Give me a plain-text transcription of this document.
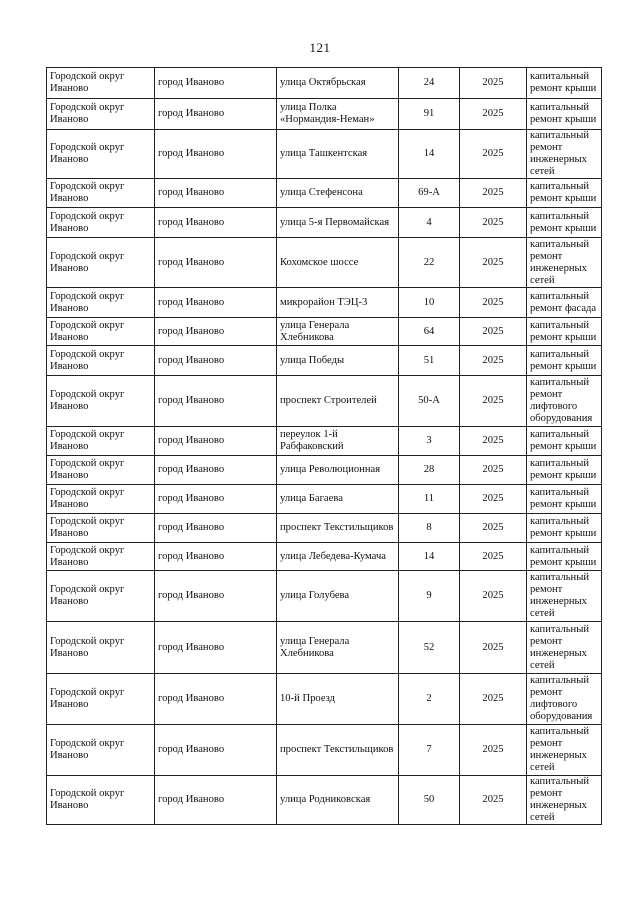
121
Городской округ Иваново	город Иваново	улица Октябрьская	24	2025	капитальный ремонт крыши
Городской округ Иваново	город Иваново	улица Полка «Нормандия-Неман»	91	2025	капитальный ремонт крыши
Городской округ Иваново	город Иваново	улица Ташкентская	14	2025	капитальный ремонт инженерных сетей
Городской округ Иваново	город Иваново	улица Стефенсона	69-А	2025	капитальный ремонт крыши
Городской округ Иваново	город Иваново	улица 5-я Первомайская	4	2025	капитальный ремонт крыши
Городской округ Иваново	город Иваново	Кохомское шоссе	22	2025	капитальный ремонт инженерных сетей
Городской округ Иваново	город Иваново	микрорайон ТЭЦ-3	10	2025	капитальный ремонт фасада
Городской округ Иваново	город Иваново	улица Генерала Хлебникова	64	2025	капитальный ремонт крыши
Городской округ Иваново	город Иваново	улица Победы	51	2025	капитальный ремонт крыши
Городской округ Иваново	город Иваново	проспект Строителей	50-А	2025	капитальный ремонт лифтового оборудования
Городской округ Иваново	город Иваново	переулок 1-й Рабфаковский	3	2025	капитальный ремонт крыши
Городской округ Иваново	город Иваново	улица Революционная	28	2025	капитальный ремонт крыши
Городской округ Иваново	город Иваново	улица Багаева	11	2025	капитальный ремонт крыши
Городской округ Иваново	город Иваново	проспект Текстильщиков	8	2025	капитальный ремонт крыши
Городской округ Иваново	город Иваново	улица Лебедева-Кумача	14	2025	капитальный ремонт крыши
Городской округ Иваново	город Иваново	улица Голубева	9	2025	капитальный ремонт инженерных сетей
Городской округ Иваново	город Иваново	улица Генерала Хлебникова	52	2025	капитальный ремонт инженерных сетей
Городской округ Иваново	город Иваново	10-й Проезд	2	2025	капитальный ремонт лифтового оборудования
Городской округ Иваново	город Иваново	проспект Текстильщиков	7	2025	капитальный ремонт инженерных сетей
Городской округ Иваново	город Иваново	улица Родниковская	50	2025	капитальный ремонт инженерных сетей
